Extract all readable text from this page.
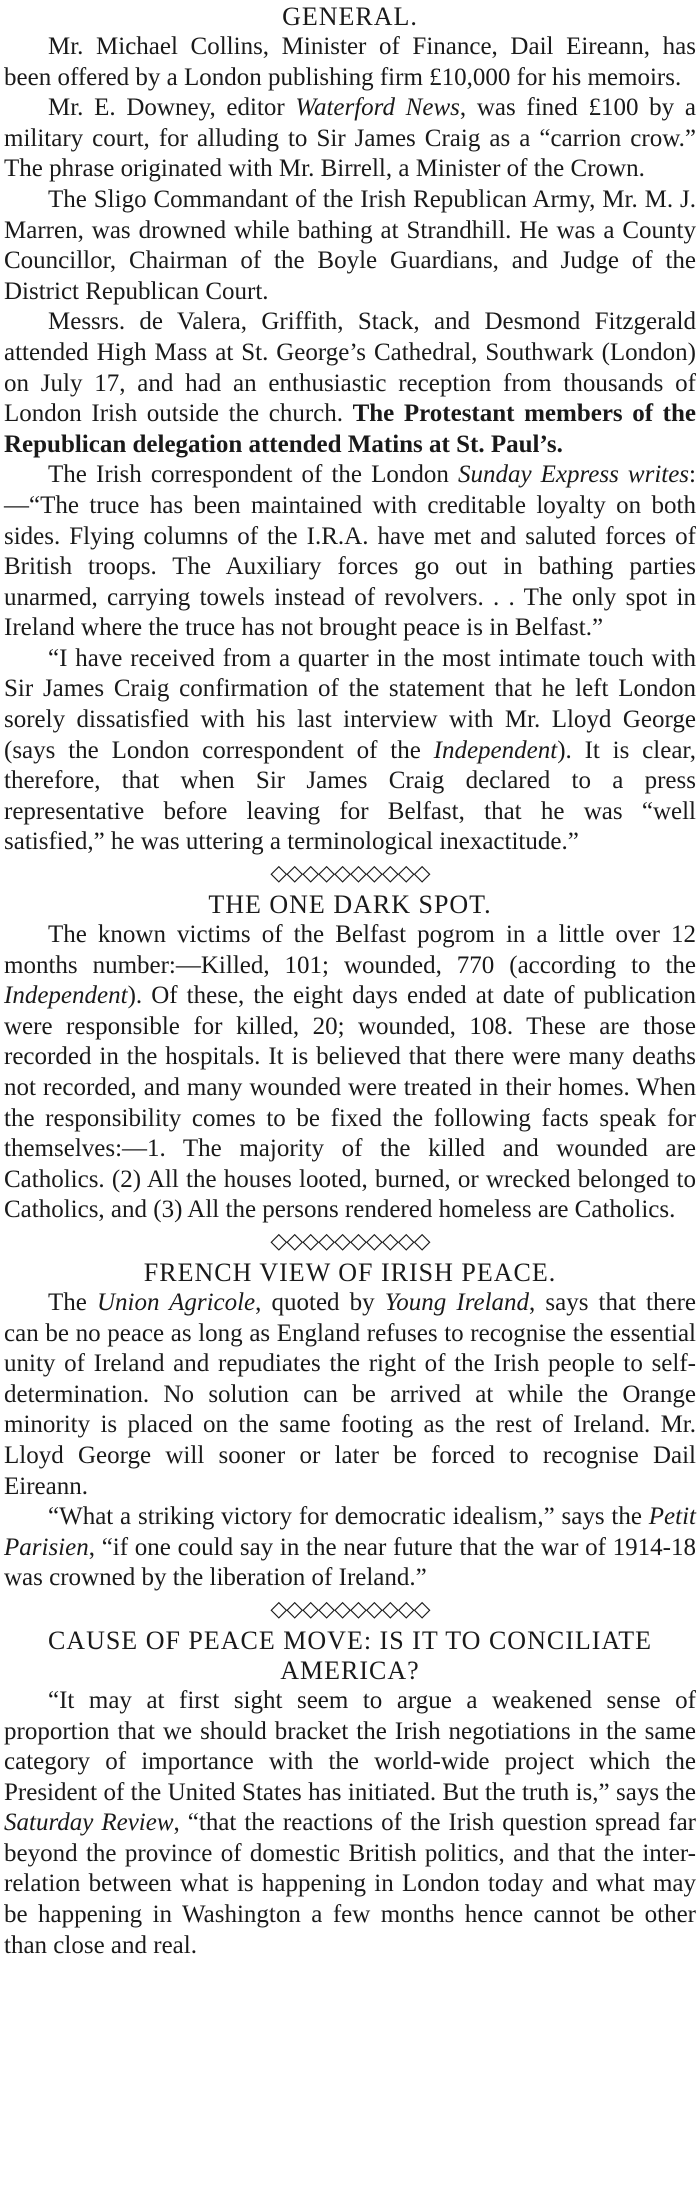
GENERAL.

Mr. Michael Collins, Minister of Finance, Dail Eireann, has been offered by a London publishing firm £10,000 for his memoirs.

Mr. E. Downey, editor Waterford News, was fined £100 by a military court, for alluding to Sir James Craig as a “carrion crow.” The phrase originated with Mr. Birrell, a Minister of the Crown.

The Sligo Commandant of the Irish Republican Army, Mr. M. J. Marren, was drowned while bathing at Strandhill. He was a County Councillor, Chairman of the Boyle Guardians, and Judge of the District Republican Court.

Messrs. de Valera, Griffith, Stack, and Desmond Fitzgerald attended High Mass at St. George’s Cathedral, Southwark (London) on July 17, and had an enthusiastic reception from thousands of London Irish outside the church. The Protestant members of the Republican delegation attended Matins at St. Paul’s.

The Irish correspondent of the London Sunday Express writes:—“The truce has been maintained with creditable loyalty on both sides. Flying columns of the I.R.A. have met and saluted forces of British troops. The Auxiliary forces go out in bathing parties unarmed, carrying towels instead of revolvers. . . The only spot in Ireland where the truce has not brought peace is in Belfast.”

“I have received from a quarter in the most intimate touch with Sir James Craig confirmation of the statement that he left London sorely dissatisfied with his last interview with Mr. Lloyd George (says the London correspondent of the Independent). It is clear, therefore, that when Sir James Craig declared to a press representative before leaving for Belfast, that he was “well satisfied,” he was uttering a terminological inexactitude.”

◇◇◇◇◇◇◇◇◇◇
THE ONE DARK SPOT.

The known victims of the Belfast pogrom in a little over 12 months number:—Killed, 101; wounded, 770 (according to the Independent). Of these, the eight days ended at date of publication were responsible for killed, 20; wounded, 108. These are those recorded in the hospitals. It is believed that there were many deaths not recorded, and many wounded were treated in their homes. When the responsibility comes to be fixed the following facts speak for themselves:—1. The majority of the killed and wounded are Catholics. (2) All the houses looted, burned, or wrecked belonged to Catholics, and (3) All the persons rendered homeless are Catholics.

◇◇◇◇◇◇◇◇◇◇
FRENCH VIEW OF IRISH PEACE.

The Union Agricole, quoted by Young Ireland, says that there can be no peace as long as England refuses to recognise the essential unity of Ireland and repudiates the right of the Irish people to self-determination. No solution can be arrived at while the Orange minority is placed on the same footing as the rest of Ireland. Mr. Lloyd George will sooner or later be forced to recognise Dail Eireann.

“What a striking victory for democratic idealism,” says the Petit Parisien, “if one could say in the near future that the war of 1914-18 was crowned by the liberation of Ireland.”

◇◇◇◇◇◇◇◇◇◇
CAUSE OF PEACE MOVE: IS IT TO CONCILIATE AMERICA?

“It may at first sight seem to argue a weakened sense of proportion that we should bracket the Irish negotiations in the same category of importance with the world-wide project which the President of the United States has initiated. But the truth is,” says the Saturday Review, “that the reactions of the Irish question spread far beyond the province of domestic British politics, and that the inter-relation between what is happening in London today and what may be happening in Washington a few months hence cannot be other than close and real.
